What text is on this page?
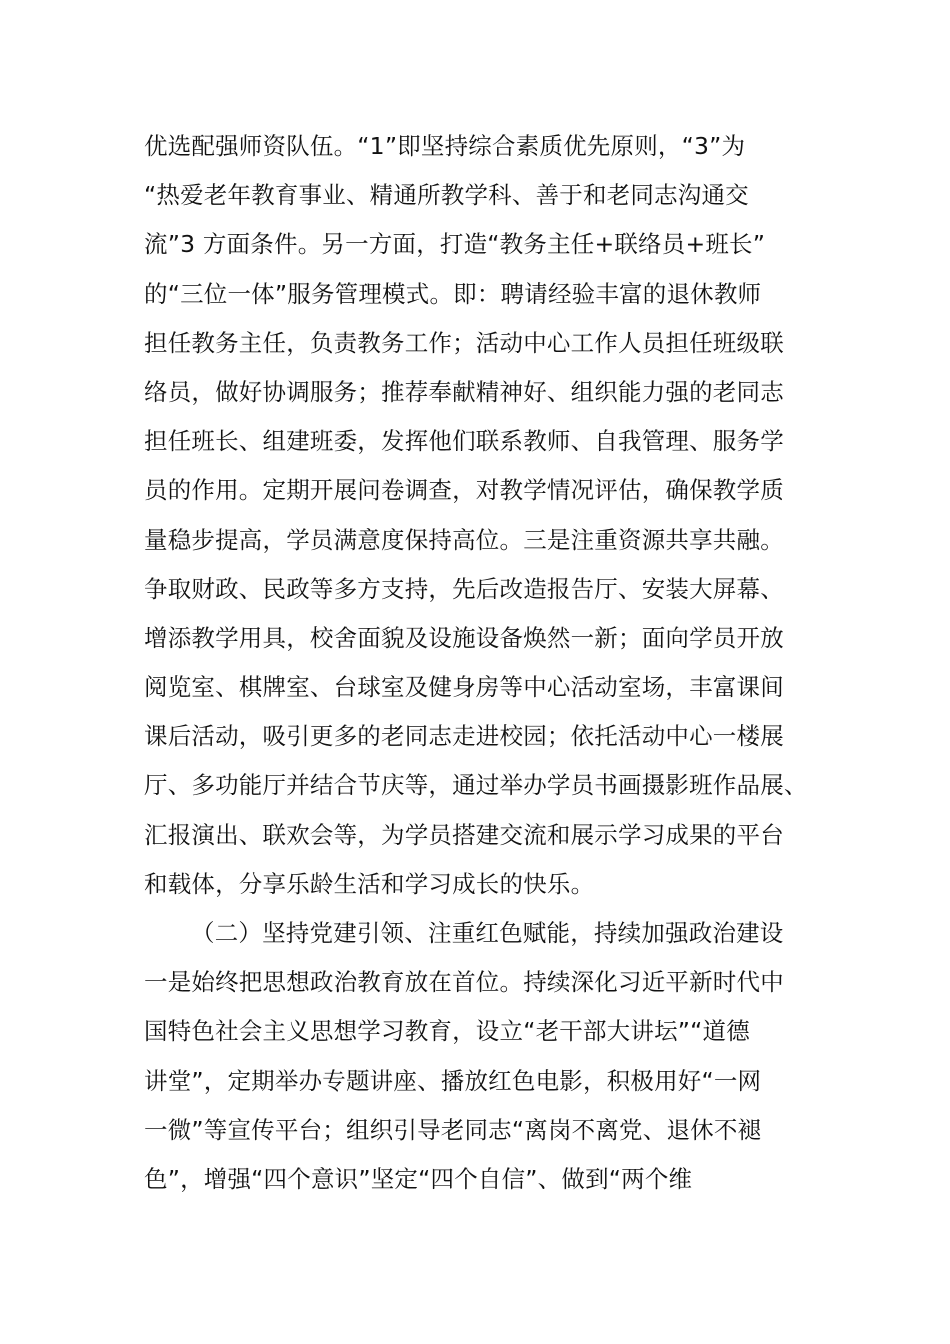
优选配强师资队伍。“1”即坚持综合素质优先原则，“3”为
“热爱老年教育事业、精通所教学科、善于和老同志沟通交
流”3 方面条件。另一方面，打造“教务主任+联络员+班长”
的“三位一体”服务管理模式。即：聘请经验丰富的退休教师
担任教务主任，负责教务工作；活动中心工作人员担任班级联
络员，做好协调服务；推荐奉献精神好、组织能力强的老同志
担任班长、组建班委，发挥他们联系教师、自我管理、服务学
员的作用。定期开展问卷调查，对教学情况评估，确保教学质
量稳步提高，学员满意度保持高位。三是注重资源共享共融。
争取财政、民政等多方支持，先后改造报告厅、安装大屏幕、
增添教学用具，校舍面貌及设施设备焕然一新；面向学员开放
阅览室、棋牌室、台球室及健身房等中心活动室场，丰富课间
课后活动，吸引更多的老同志走进校园；依托活动中心一楼展
厅、多功能厅并结合节庆等，通过举办学员书画摄影班作品展、
汇报演出、联欢会等，为学员搭建交流和展示学习成果的平台
和载体，分享乐龄生活和学习成长的快乐。
（二）坚持党建引领、注重红色赋能，持续加强政治建设
一是始终把思想政治教育放在首位。持续深化习近平新时代中
国特色社会主义思想学习教育，设立“老干部大讲坛”“道德
讲堂”，定期举办专题讲座、播放红色电影，积极用好“一网
一微”等宣传平台；组织引导老同志“离岗不离党、退休不褪
色”，增强“四个意识”坚定“四个自信”、做到“两个维
